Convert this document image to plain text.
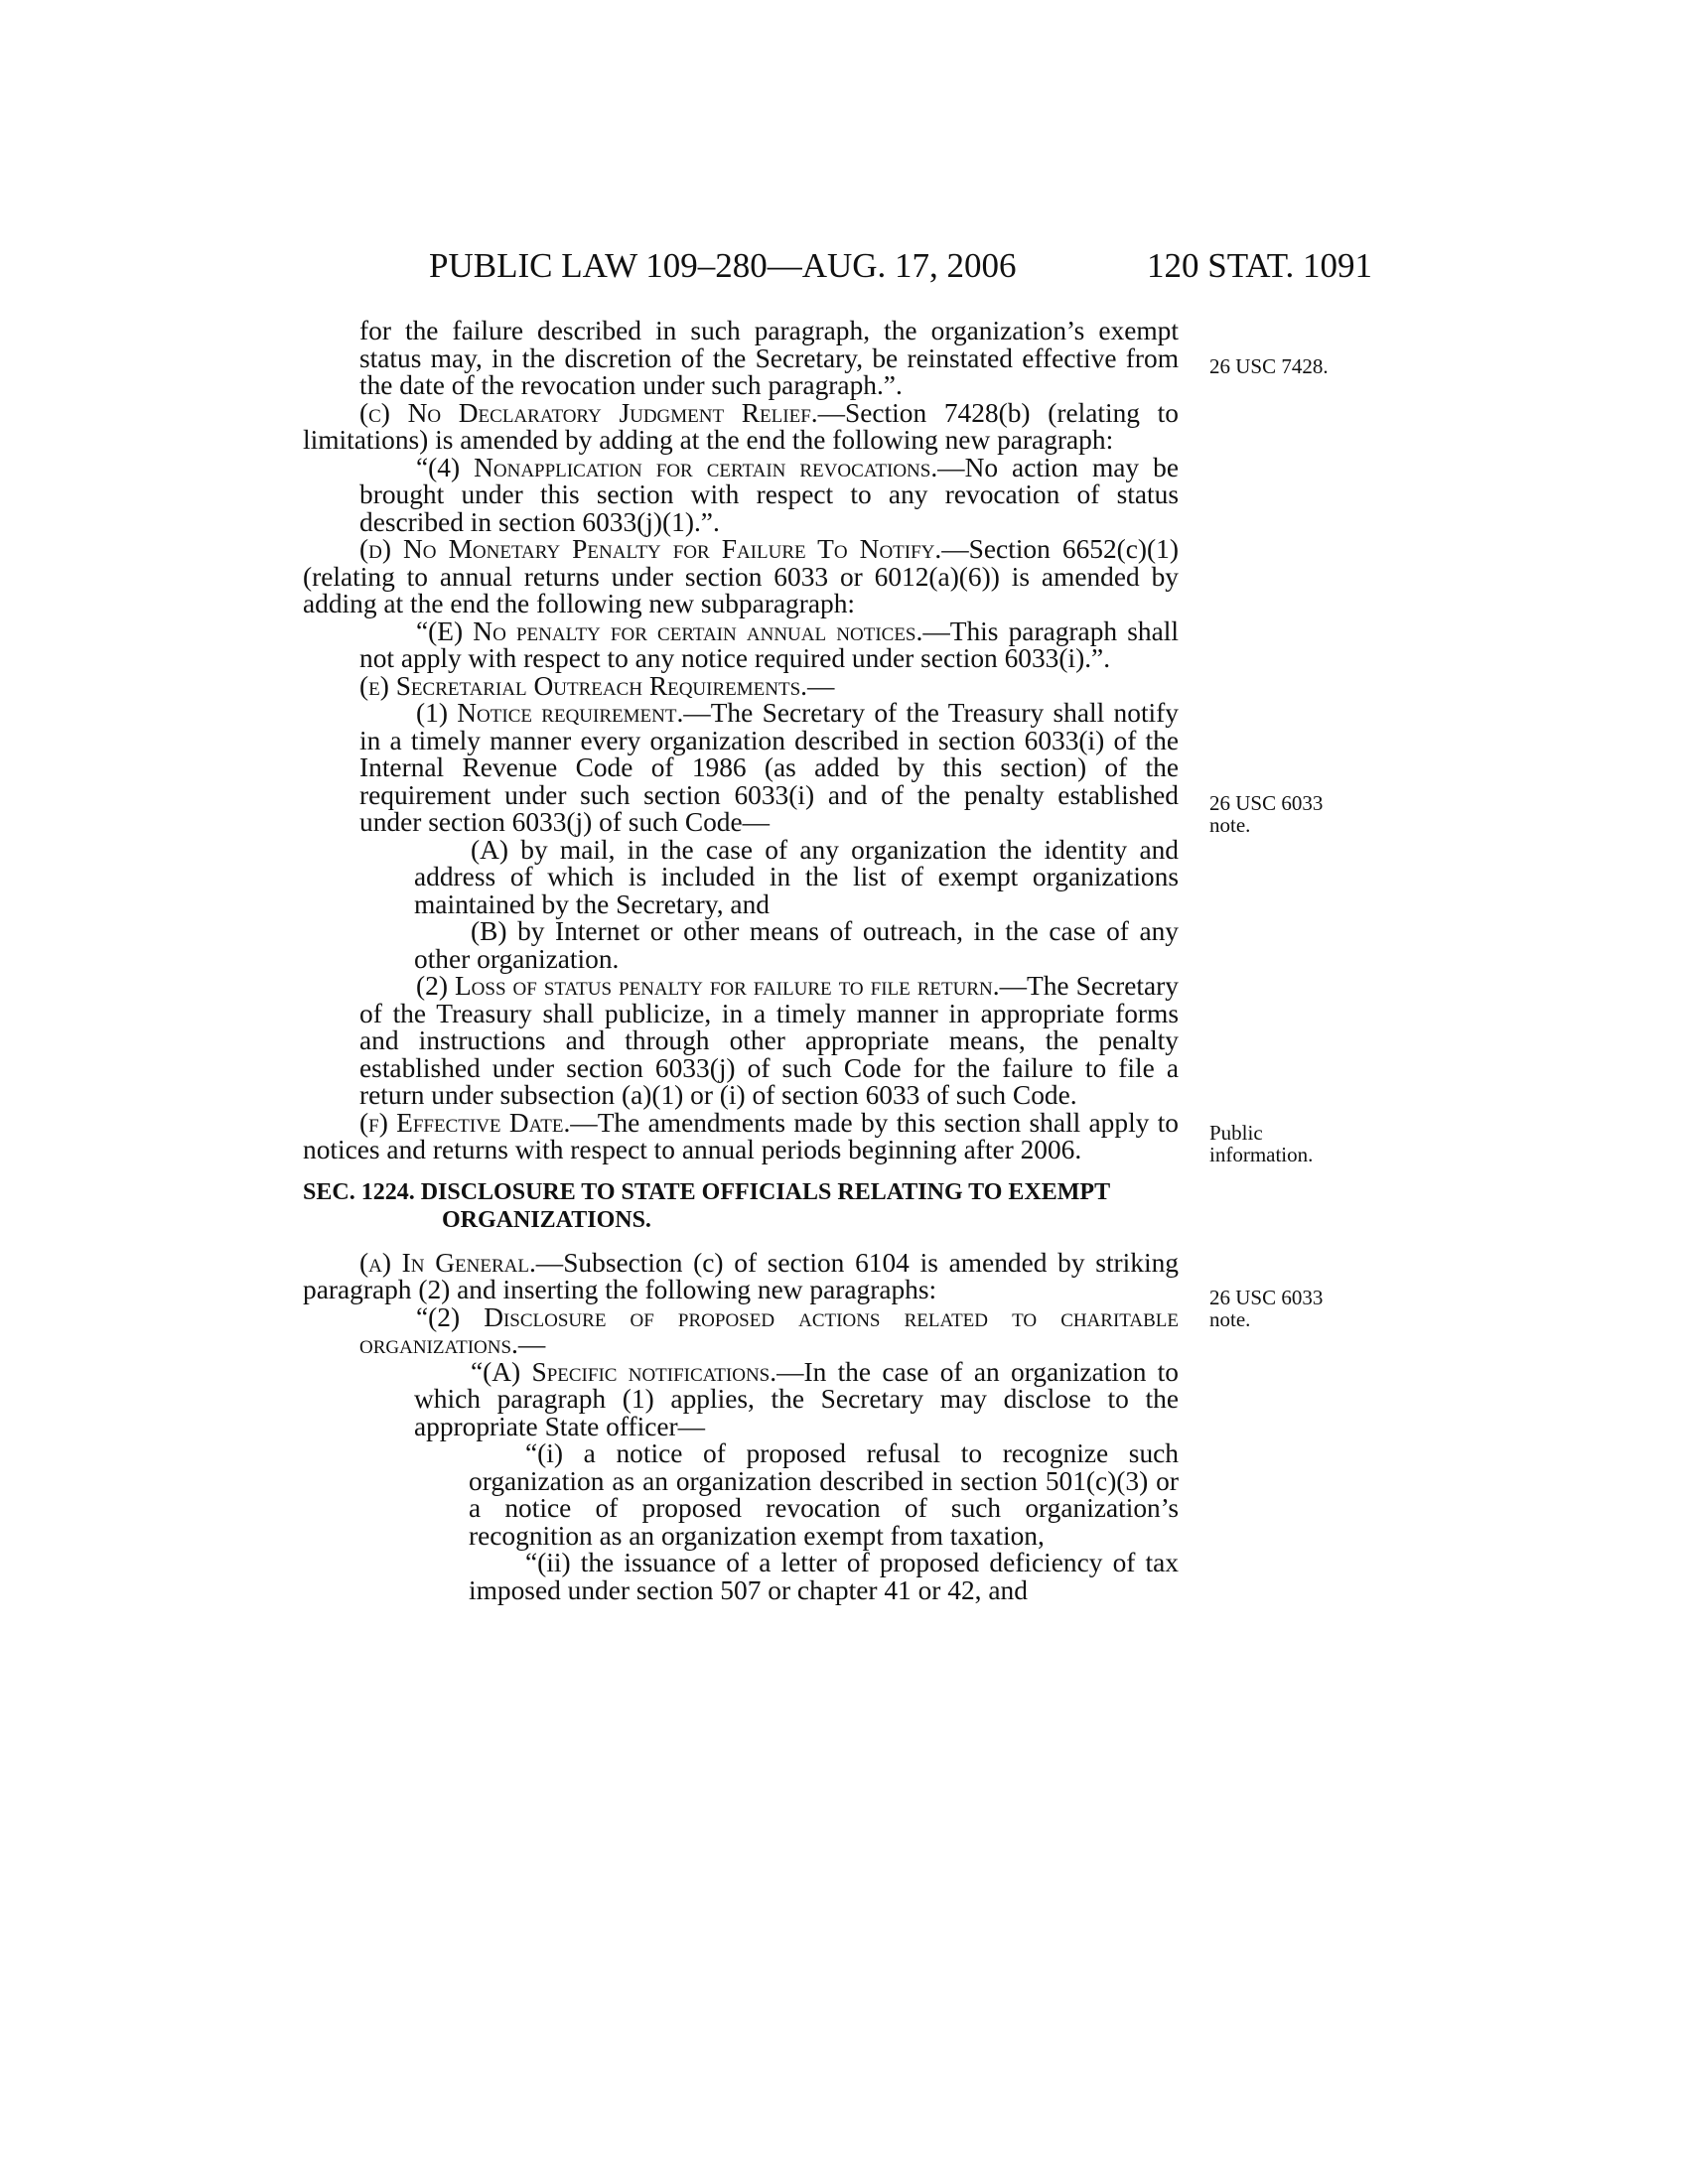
PUBLIC LAW 109–280—AUG. 17, 2006	120 STAT. 1091

for the failure described in such paragraph, the organization’s exempt status may, in the discretion of the Secretary, be reinstated effective from the date of the revocation under such paragraph.”.

(c) No Declaratory Judgment Relief.—Section 7428(b) (relating to limitations) is amended by adding at the end the following new paragraph:

“(4) Nonapplication for certain revocations.—No action may be brought under this section with respect to any revocation of status described in section 6033(j)(1).”.

(d) No Monetary Penalty for Failure To Notify.—Section 6652(c)(1) (relating to annual returns under section 6033 or 6012(a)(6)) is amended by adding at the end the following new subparagraph:

“(E) No penalty for certain annual notices.—This paragraph shall not apply with respect to any notice required under section 6033(i).”.

(e) Secretarial Outreach Requirements.—

(1) Notice requirement.—The Secretary of the Treasury shall notify in a timely manner every organization described in section 6033(i) of the Internal Revenue Code of 1986 (as added by this section) of the requirement under such section 6033(i) and of the penalty established under section 6033(j) of such Code—

(A) by mail, in the case of any organization the identity and address of which is included in the list of exempt organizations maintained by the Secretary, and

(B) by Internet or other means of outreach, in the case of any other organization.

(2) Loss of status penalty for failure to file return.—The Secretary of the Treasury shall publicize, in a timely manner in appropriate forms and instructions and through other appropriate means, the penalty established under section 6033(j) of such Code for the failure to file a return under subsection (a)(1) or (i) of section 6033 of such Code.

(f) Effective Date.—The amendments made by this section shall apply to notices and returns with respect to annual periods beginning after 2006.

SEC. 1224. DISCLOSURE TO STATE OFFICIALS RELATING TO EXEMPT ORGANIZATIONS.

(a) In General.—Subsection (c) of section 6104 is amended by striking paragraph (2) and inserting the following new paragraphs:

“(2) Disclosure of proposed actions related to charitable organizations.—

“(A) Specific notifications.—In the case of an organization to which paragraph (1) applies, the Secretary may disclose to the appropriate State officer—

“(i) a notice of proposed refusal to recognize such organization as an organization described in section 501(c)(3) or a notice of proposed revocation of such organization’s recognition as an organization exempt from taxation,

“(ii) the issuance of a letter of proposed deficiency of tax imposed under section 507 or chapter 41 or 42, and

26 USC 7428.
26 USC 6033
note.
Public
information.
26 USC 6033
note.
